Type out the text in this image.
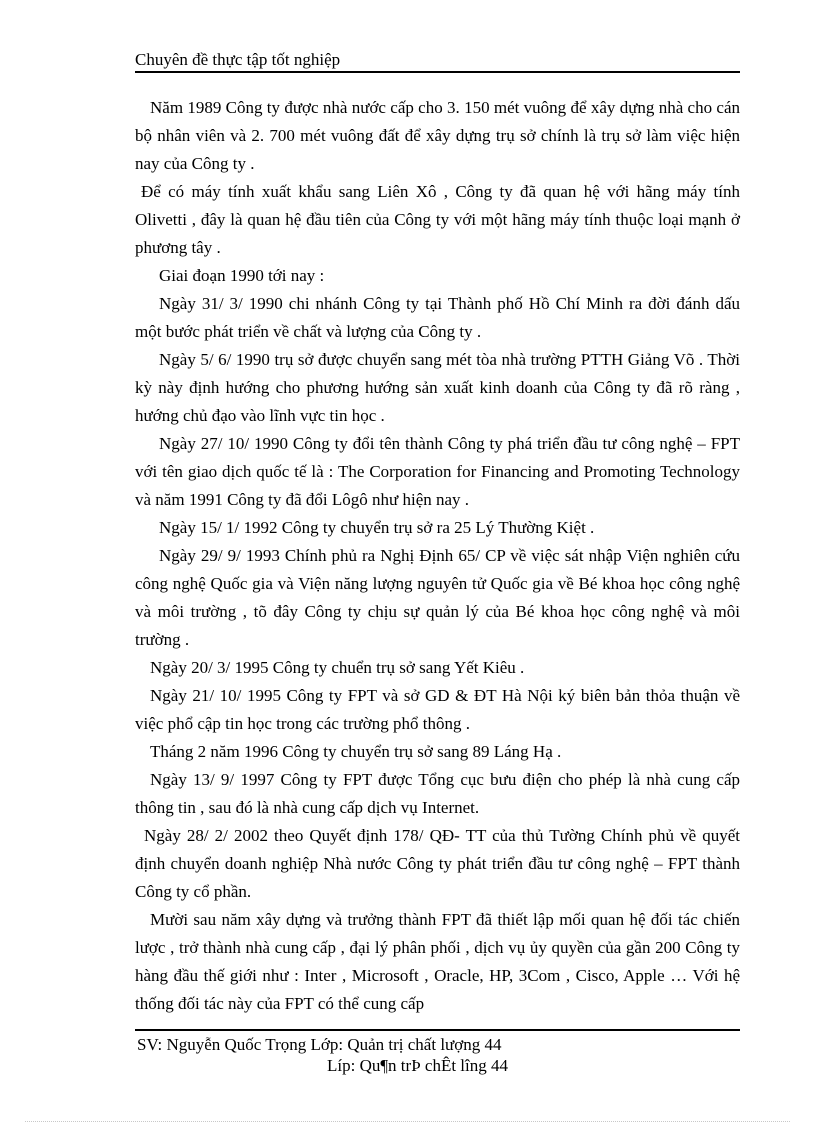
Chuyên đề thực tập tốt nghiệp

Năm 1989 Công ty được nhà nước cấp cho 3. 150 mét vuông để xây dựng nhà cho cán bộ nhân viên và 2. 700 mét vuông đất để xây dựng trụ sở chính là trụ sở làm việc hiện nay của Công ty .

Để có máy tính xuất khẩu sang Liên Xô , Công ty đã quan hệ với hãng máy tính Olivetti , đây là quan hệ đầu tiên của Công ty với một hãng máy tính thuộc loại mạnh ở phương tây .

Giai đoạn 1990 tới nay :

Ngày 31/ 3/ 1990 chi nhánh Công ty tại Thành phố Hồ Chí Minh ra đời đánh dấu một bước phát triển về chất và lượng của Công ty .

Ngày 5/ 6/ 1990 trụ sở được chuyển sang mét tòa nhà trường PTTH Giảng Võ . Thời kỳ này định hướng cho phương hướng sản xuất kinh doanh của Công ty đã rõ ràng , hướng chủ đạo vào lĩnh vực tin học .

Ngày 27/ 10/ 1990 Công ty đổi tên thành Công ty phá triển đầu tư công nghệ – FPT với tên giao dịch quốc tế là : The Corporation for Financing and Promoting Technology và năm 1991 Công ty đã đổi Lôgô như hiện nay .

Ngày 15/ 1/ 1992 Công ty chuyển trụ sở ra 25 Lý Thường Kiệt .

Ngày 29/ 9/ 1993 Chính phủ ra Nghị Định 65/ CP về việc sát nhập Viện nghiên cứu công nghệ Quốc gia và Viện năng lượng nguyên tử Quốc gia về Bé khoa học công nghệ và môi trường , tõ đây Công ty chịu sự quản lý của Bé khoa học công nghệ và môi trường .

Ngày 20/ 3/ 1995 Công ty chuển trụ sở sang Yết Kiêu .

Ngày 21/ 10/ 1995 Công ty FPT và sở GD & ĐT Hà Nội ký biên bản thỏa thuận về việc phổ cập tin học trong các trường phổ thông .

Tháng 2 năm 1996 Công ty chuyển trụ sở sang 89 Láng Hạ .

Ngày 13/ 9/ 1997 Công ty FPT được Tổng cục bưu điện cho phép là nhà cung cấp thông tin , sau đó là nhà cung cấp dịch vụ Internet.

Ngày 28/ 2/ 2002 theo Quyết định 178/ QĐ- TT của thủ Tường Chính phủ về quyết định chuyển doanh nghiệp Nhà nước Công ty phát triển đầu tư công nghệ – FPT thành Công ty cổ phần.

Mười sau năm xây dựng và trưởng thành FPT đã thiết lập mối quan hệ đối tác chiến lược , trở thành nhà cung cấp , đại lý phân phối , dịch vụ ủy quyền của gần 200 Công ty hàng đầu thế giới như : Inter , Microsoft , Oracle, HP, 3Com , Cisco, Apple … Với hệ thống đối tác này của FPT có thể cung cấp

SV: Nguyễn Quốc Trọng Lớp: Quản trị chất lượng 44
Líp: Qu¶n trÞ chÊt lîng 44
